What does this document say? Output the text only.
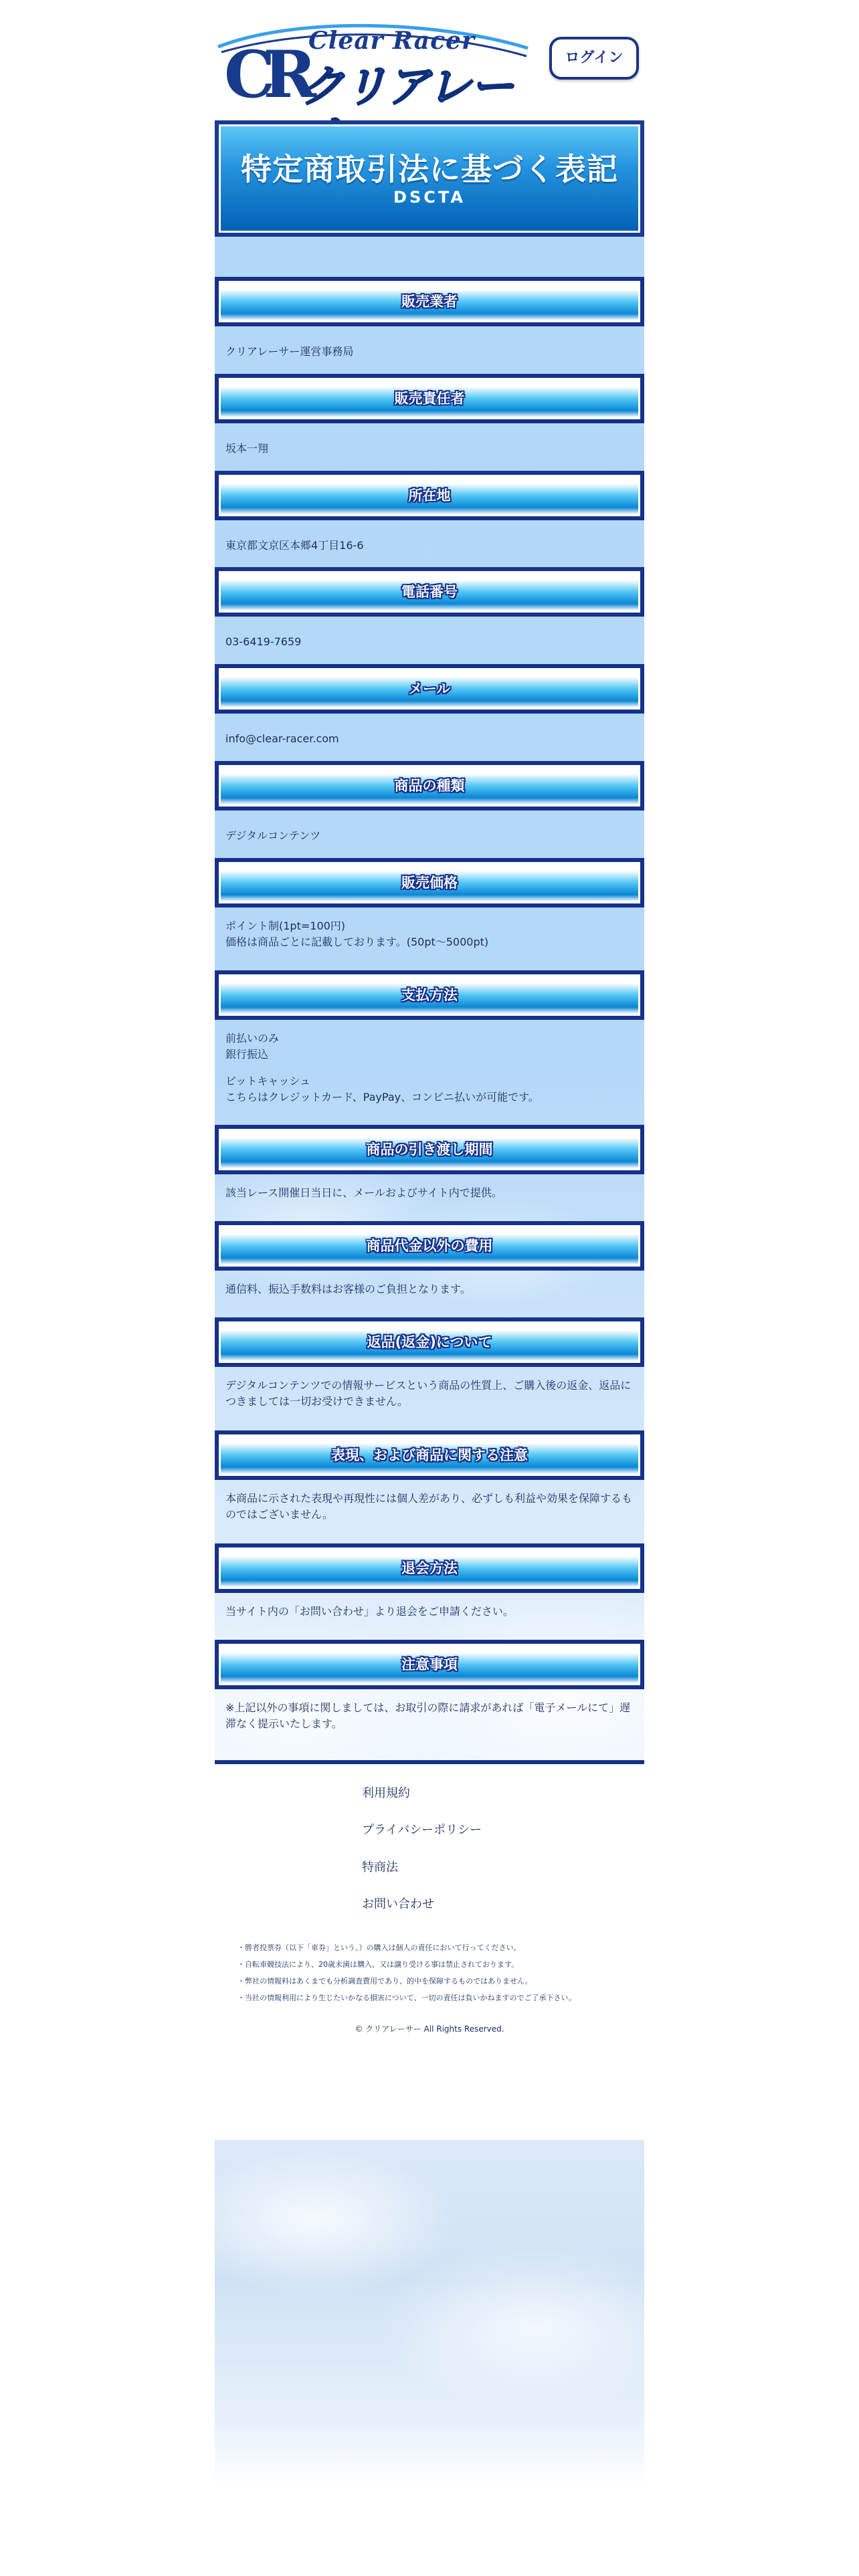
Clear Racer
CR
クリアレー
ログイン
特定商取引法に基づく表記
DSCTA
販売業者

クリアレーサー運営事務局

販売責任者

坂本一翔

所在地

東京都文京区本郷4丁目16-6

電話番号

03-6419-7659

メール

info@clear-racer.com

商品の種類

デジタルコンテンツ

販売価格

ポイント制(1pt=100円)

価格は商品ごとに記載しております。(50pt〜5000pt)

支払方法

前払いのみ

銀行振込

ビットキャッシュ

こちらはクレジットカード、PayPay、コンビニ払いが可能です。

商品の引き渡し期間

該当レース開催日当日に、メールおよびサイト内で提供。

商品代金以外の費用

通信料、振込手数料はお客様のご負担となります。

返品(返金)について

デジタルコンテンツでの情報サービスという商品の性質上、ご購入後の返金、返品に

つきましては一切お受けできません。

表現、および商品に関する注意

本商品に示された表現や再現性には個人差があり、必ずしも利益や効果を保障するも

のではございません。

退会方法

当サイト内の「お問い合わせ」より退会をご申請ください。

注意事項

※上記以外の事項に関しましては、お取引の際に請求があれば「電子メールにて」遅

滞なく提示いたします。

利用規約
プライバシーポリシー
特商法
お問い合わせ
・勝者投票券（以下「車券」という。）の購入は個人の責任において行ってください。
・自転車競技法により、20歳未満は購入、又は譲り受ける事は禁止されております。
・弊社の情報料はあくまでも分析調査費用であり、的中を保障するものではありません。
・当社の情報利用により生じたいかなる損害について、一切の責任は負いかねますのでご了承下さい。
© クリアレーサー All Rights Reserved.
